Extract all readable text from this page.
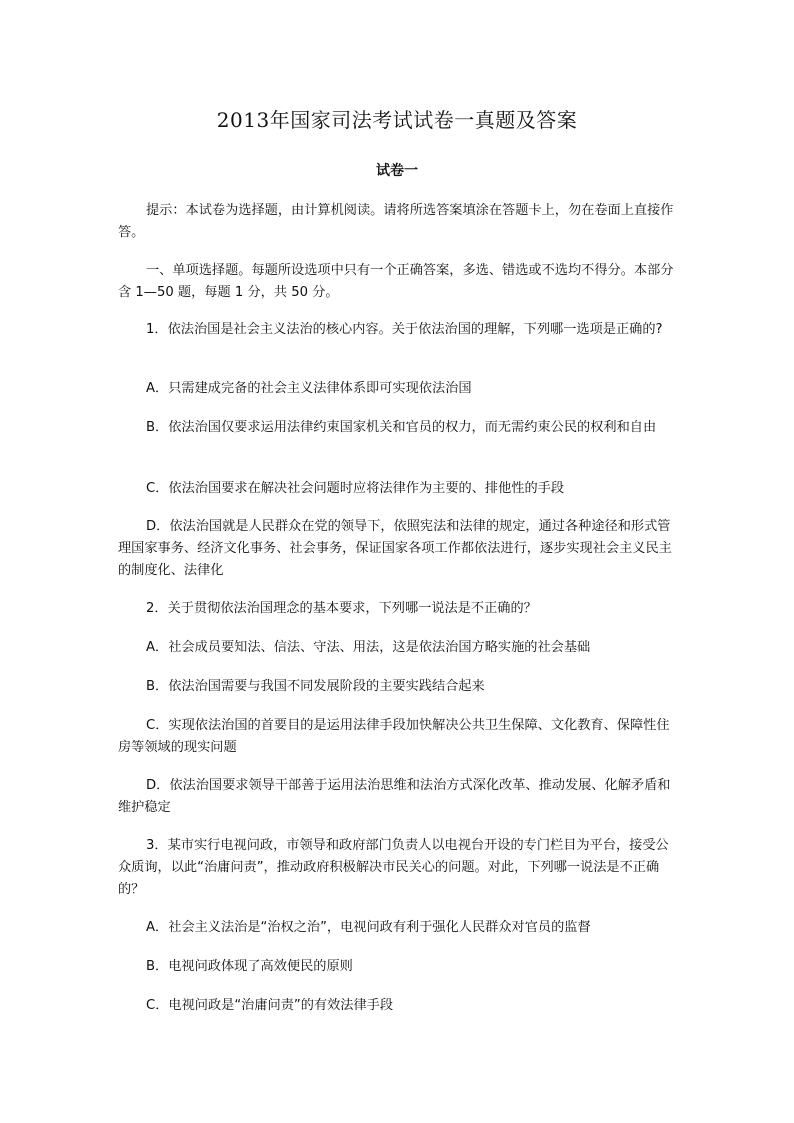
2013年国家司法考试试卷一真题及答案
试卷一
提示：本试卷为选择题，由计算机阅读。请将所选答案填涂在答题卡上，勿在卷面上直接作答。
一、单项选择题。每题所设选项中只有一个正确答案，多选、错选或不选均不得分。本部分含 1—50 题，每题 1 分，共 50 分。
1．依法治国是社会主义法治的核心内容。关于依法治国的理解，下列哪一选项是正确的?
A．只需建成完备的社会主义法律体系即可实现依法治国
B．依法治国仅要求运用法律约束国家机关和官员的权力，而无需约束公民的权利和自由
C．依法治国要求在解决社会问题时应将法律作为主要的、排他性的手段
D．依法治国就是人民群众在党的领导下，依照宪法和法律的规定，通过各种途径和形式管理国家事务、经济文化事务、社会事务，保证国家各项工作都依法进行，逐步实现社会主义民主的制度化、法律化
2．关于贯彻依法治国理念的基本要求，下列哪一说法是不正确的？
A．社会成员要知法、信法、守法、用法，这是依法治国方略实施的社会基础
B．依法治国需要与我国不同发展阶段的主要实践结合起来
C．实现依法治国的首要目的是运用法律手段加快解决公共卫生保障、文化教育、保障性住房等领域的现实问题
D．依法治国要求领导干部善于运用法治思维和法治方式深化改革、推动发展、化解矛盾和维护稳定
3．某市实行电视问政，市领导和政府部门负责人以电视台开设的专门栏目为平台，接受公众质询，以此“治庸问责”，推动政府积极解决市民关心的问题。对此，下列哪一说法是不正确的？
A．社会主义法治是“治权之治”，电视问政有利于强化人民群众对官员的监督
B．电视问政体现了高效便民的原则
C．电视问政是“治庸问责”的有效法律手段
